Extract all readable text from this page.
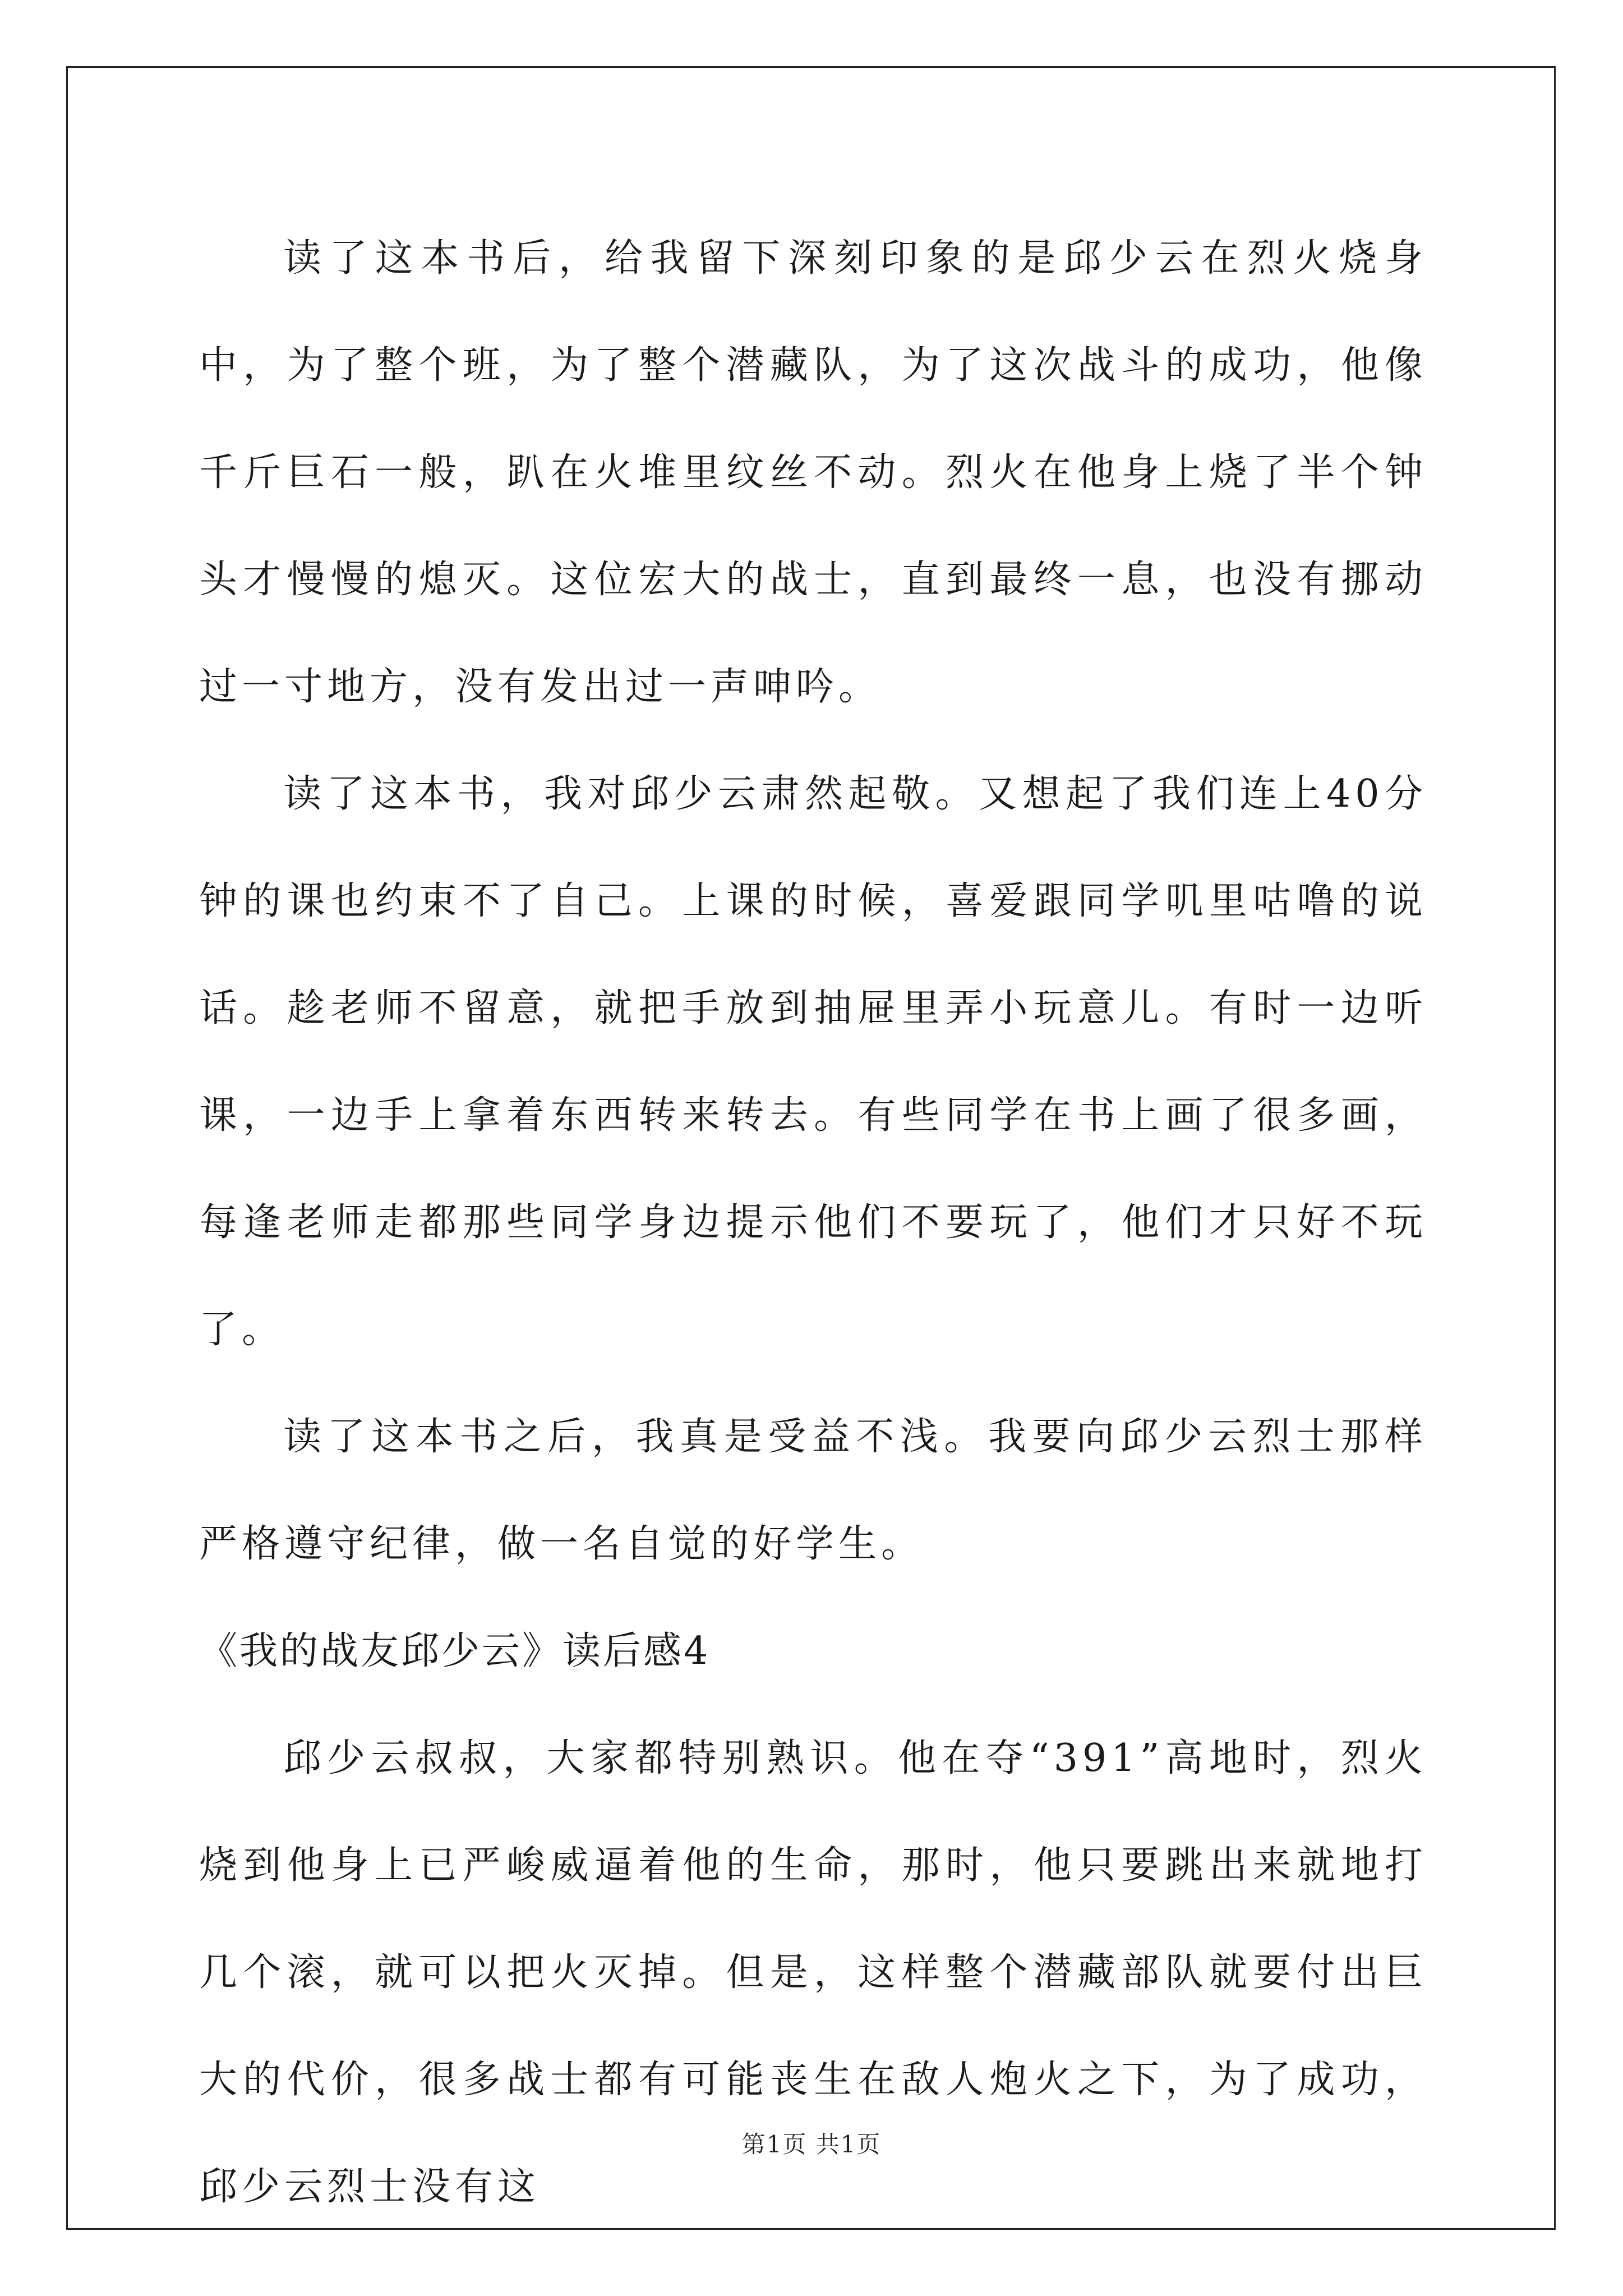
读了这本书后，给我留下深刻印象的是邱少云在烈火烧身中，为了整个班，为了整个潜藏队，为了这次战斗的成功，他像千斤巨石一般，趴在火堆里纹丝不动。烈火在他身上烧了半个钟头才慢慢的熄灭。这位宏大的战士，直到最终一息，也没有挪动过一寸地方，没有发出过一声呻吟。

读了这本书，我对邱少云肃然起敬。又想起了我们连上40分钟的课也约束不了自己。上课的时候，喜爱跟同学叽里咕噜的说话。趁老师不留意，就把手放到抽屉里弄小玩意儿。有时一边听课，一边手上拿着东西转来转去。有些同学在书上画了很多画，每逢老师走都那些同学身边提示他们不要玩了，他们才只好不玩了。

读了这本书之后，我真是受益不浅。我要向邱少云烈士那样严格遵守纪律，做一名自觉的好学生。

《我的战友邱少云》读后感4

邱少云叔叔，大家都特别熟识。他在夺“391”高地时，烈火烧到他身上已严峻威逼着他的生命，那时，他只要跳出来就地打几个滚，就可以把火灭掉。但是，这样整个潜藏部队就要付出巨大的代价，很多战士都有可能丧生在敌人炮火之下，为了成功，邱少云烈士没有这

第1页 共1页
